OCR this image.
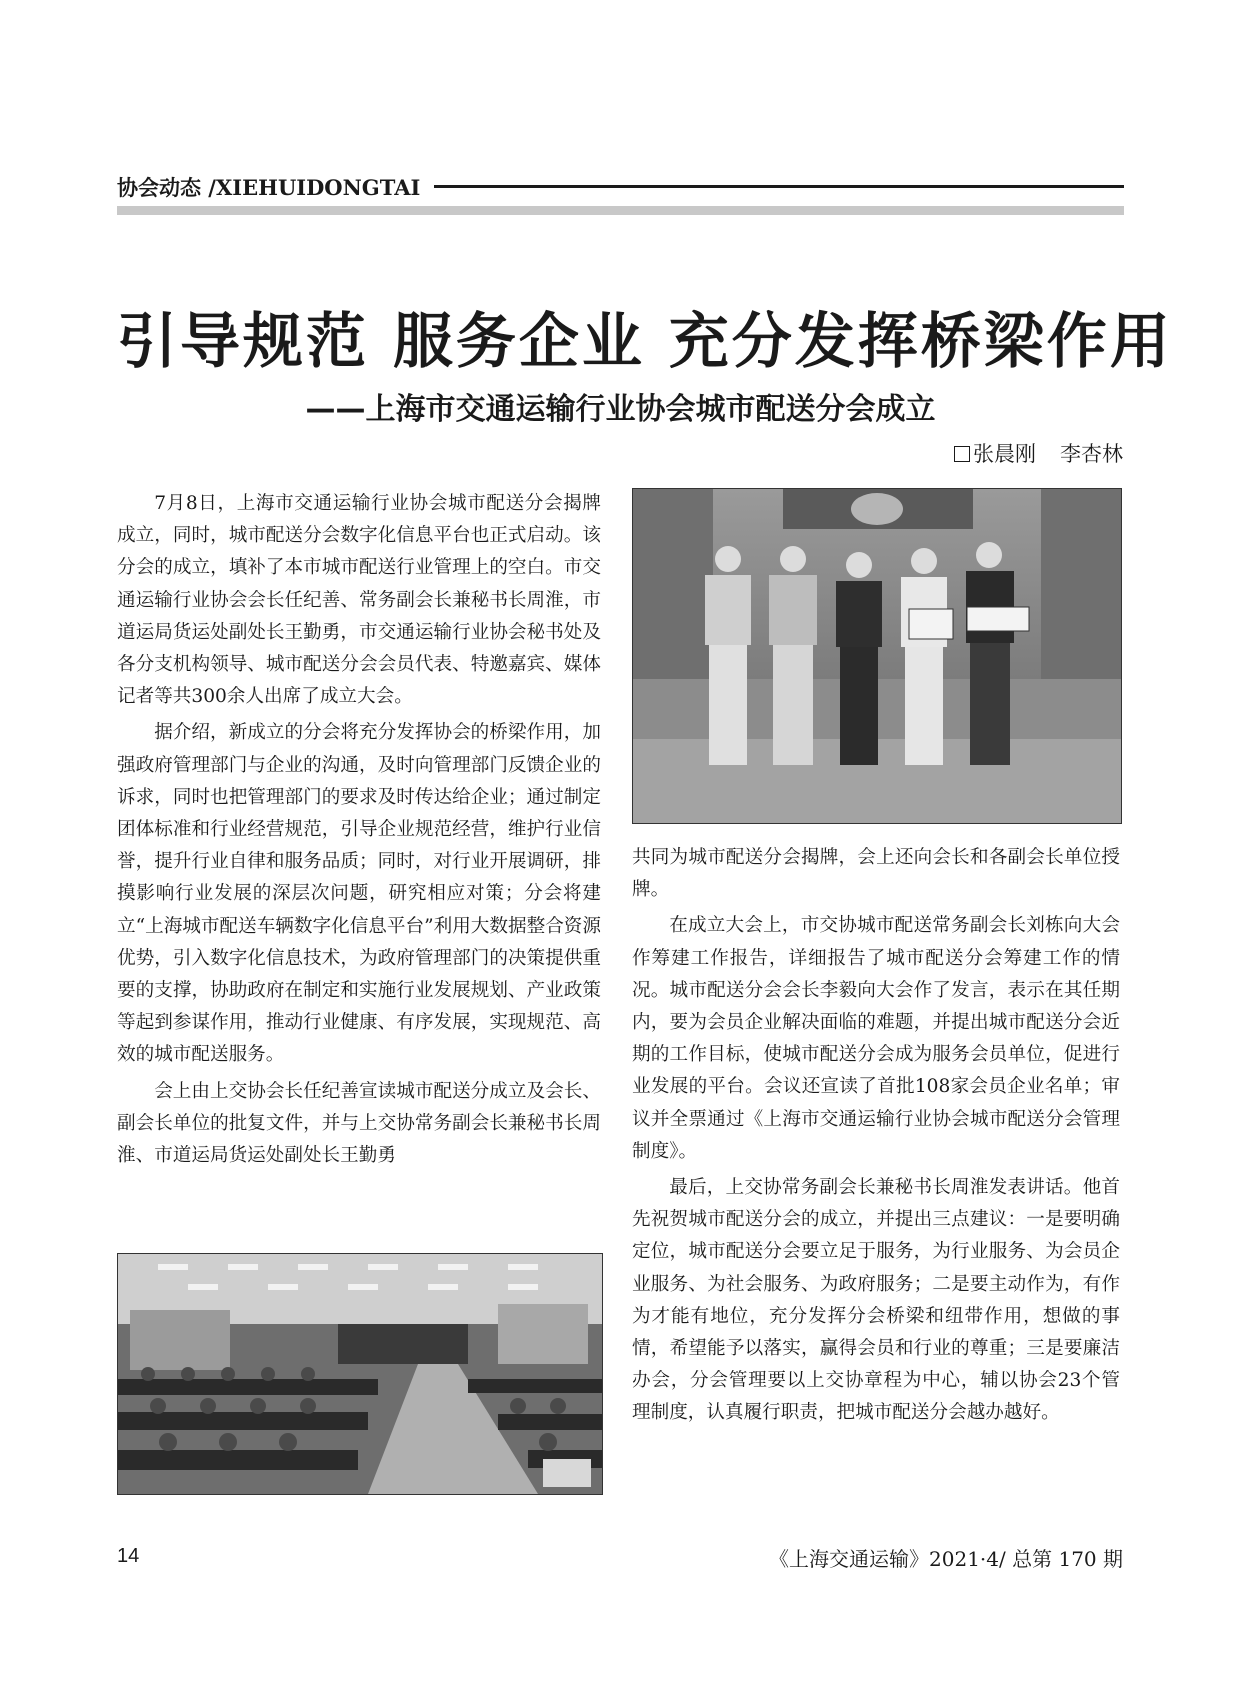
协会动态 /XIEHUIDONGTAI
引导规范 服务企业 充分发挥桥梁作用
——上海市交通运输行业协会城市配送分会成立
张晨刚 李杏林

7月8日，上海市交通运输行业协会城市配送分会揭牌成立，同时，城市配送分会数字化信息平台也正式启动。该分会的成立，填补了本市城市配送行业管理上的空白。市交通运输行业协会会长任纪善、常务副会长兼秘书长周淮，市道运局货运处副处长王勤勇，市交通运输行业协会秘书处及各分支机构领导、城市配送分会会员代表、特邀嘉宾、媒体记者等共300余人出席了成立大会。

据介绍，新成立的分会将充分发挥协会的桥梁作用，加强政府管理部门与企业的沟通，及时向管理部门反馈企业的诉求，同时也把管理部门的要求及时传达给企业；通过制定团体标准和行业经营规范，引导企业规范经营，维护行业信誉，提升行业自律和服务品质；同时，对行业开展调研，排摸影响行业发展的深层次问题，研究相应对策；分会将建立“上海城市配送车辆数字化信息平台”利用大数据整合资源优势，引入数字化信息技术，为政府管理部门的决策提供重要的支撑，协助政府在制定和实施行业发展规划、产业政策等起到参谋作用，推动行业健康、有序发展，实现规范、高效的城市配送服务。

会上由上交协会长任纪善宣读城市配送分成立及会长、副会长单位的批复文件，并与上交协常务副会长兼秘书长周淮、市道运局货运处副处长王勤勇

共同为城市配送分会揭牌，会上还向会长和各副会长单位授牌。

在成立大会上，市交协城市配送常务副会长刘栋向大会作筹建工作报告，详细报告了城市配送分会筹建工作的情况。城市配送分会会长李毅向大会作了发言，表示在其任期内，要为会员企业解决面临的难题，并提出城市配送分会近期的工作目标，使城市配送分会成为服务会员单位，促进行业发展的平台。会议还宣读了首批108家会员企业名单；审议并全票通过《上海市交通运输行业协会城市配送分会管理制度》。

最后，上交协常务副会长兼秘书长周淮发表讲话。他首先祝贺城市配送分会的成立，并提出三点建议：一是要明确定位，城市配送分会要立足于服务，为行业服务、为会员企业服务、为社会服务、为政府服务；二是要主动作为，有作为才能有地位，充分发挥分会桥梁和纽带作用，想做的事情，希望能予以落实，赢得会员和行业的尊重；三是要廉洁办会，分会管理要以上交协章程为中心，辅以协会23个管理制度，认真履行职责，把城市配送分会越办越好。

14	《上海交通运输》2021·4/ 总第 170 期
